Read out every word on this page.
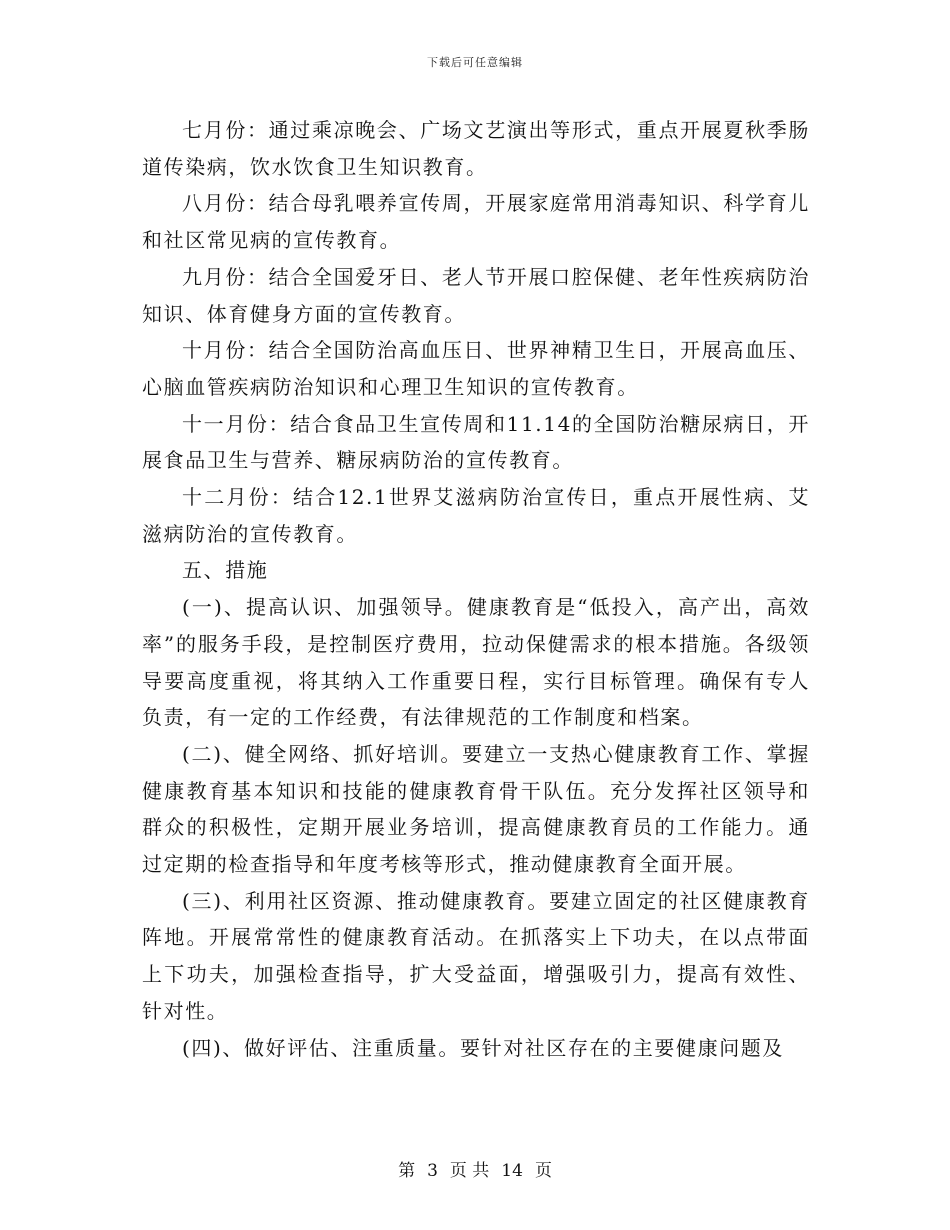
下载后可任意编辑

七月份：通过乘凉晚会、广场文艺演出等形式，重点开展夏秋季肠道传染病，饮水饮食卫生知识教育。

八月份：结合母乳喂养宣传周，开展家庭常用消毒知识、科学育儿和社区常见病的宣传教育。

九月份：结合全国爱牙日、老人节开展口腔保健、老年性疾病防治知识、体育健身方面的宣传教育。

十月份：结合全国防治高血压日、世界神精卫生日，开展高血压、心脑血管疾病防治知识和心理卫生知识的宣传教育。

十一月份：结合食品卫生宣传周和11.14的全国防治糖尿病日，开展食品卫生与营养、糖尿病防治的宣传教育。

十二月份：结合12.1世界艾滋病防治宣传日，重点开展性病、艾滋病防治的宣传教育。

五、措施

(一)、提高认识、加强领导。健康教育是“低投入，高产出，高效率”的服务手段，是控制医疗费用，拉动保健需求的根本措施。各级领导要高度重视，将其纳入工作重要日程，实行目标管理。确保有专人负责，有一定的工作经费，有法律规范的工作制度和档案。

(二)、健全网络、抓好培训。要建立一支热心健康教育工作、掌握健康教育基本知识和技能的健康教育骨干队伍。充分发挥社区领导和群众的积极性，定期开展业务培训，提高健康教育员的工作能力。通过定期的检查指导和年度考核等形式，推动健康教育全面开展。

(三)、利用社区资源、推动健康教育。要建立固定的社区健康教育阵地。开展常常性的健康教育活动。在抓落实上下功夫，在以点带面上下功夫，加强检查指导，扩大受益面，增强吸引力，提高有效性、针对性。

(四)、做好评估、注重质量。要针对社区存在的主要健康问题及

第 3 页 共 14 页
